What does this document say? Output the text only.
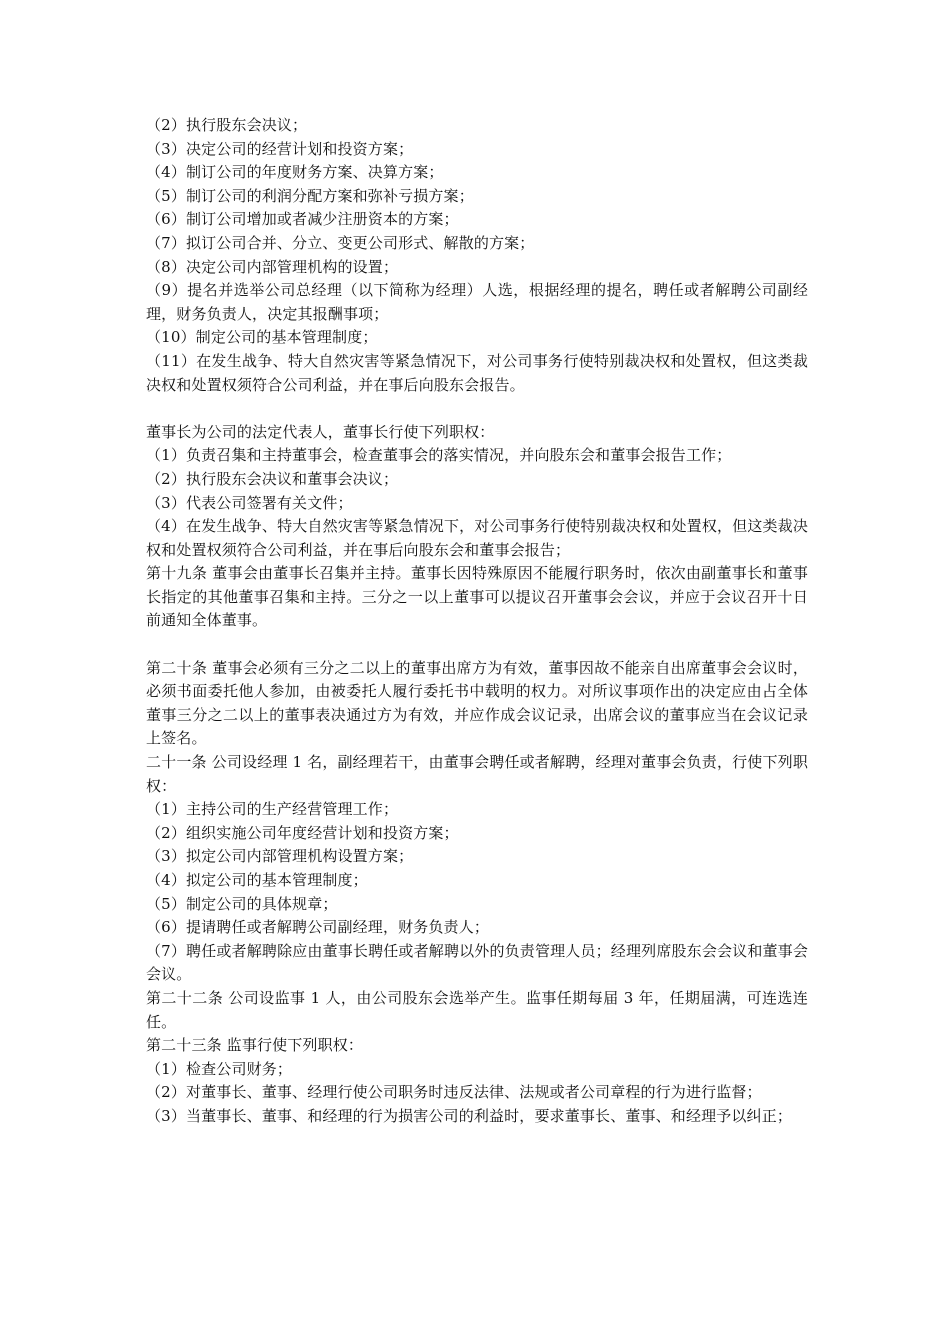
（2）执行股东会决议；

（3）决定公司的经营计划和投资方案；

（4）制订公司的年度财务方案、决算方案；

（5）制订公司的利润分配方案和弥补亏损方案；

（6）制订公司增加或者减少注册资本的方案；

（7）拟订公司合并、分立、变更公司形式、解散的方案；

（8）决定公司内部管理机构的设置；

（9）提名并选举公司总经理（以下简称为经理）人选，根据经理的提名，聘任或者解聘公司副经理，财务负责人，决定其报酬事项；

（10）制定公司的基本管理制度；

（11）在发生战争、特大自然灾害等紧急情况下，对公司事务行使特别裁决权和处置权，但这类裁决权和处置权须符合公司利益，并在事后向股东会报告。

董事长为公司的法定代表人，董事长行使下列职权：

（1）负责召集和主持董事会，检查董事会的落实情况，并向股东会和董事会报告工作；

（2）执行股东会决议和董事会决议；

（3）代表公司签署有关文件；

（4）在发生战争、特大自然灾害等紧急情况下，对公司事务行使特别裁决权和处置权，但这类裁决权和处置权须符合公司利益，并在事后向股东会和董事会报告；

第十九条 董事会由董事长召集并主持。董事长因特殊原因不能履行职务时，依次由副董事长和董事长指定的其他董事召集和主持。三分之一以上董事可以提议召开董事会会议，并应于会议召开十日前通知全体董事。

第二十条 董事会必须有三分之二以上的董事出席方为有效，董事因故不能亲自出席董事会会议时，必须书面委托他人参加，由被委托人履行委托书中载明的权力。对所议事项作出的决定应由占全体董事三分之二以上的董事表决通过方为有效，并应作成会议记录，出席会议的董事应当在会议记录上签名。

二十一条 公司设经理 1 名，副经理若干，由董事会聘任或者解聘，经理对董事会负责，行使下列职权：

（1）主持公司的生产经营管理工作；

（2）组织实施公司年度经营计划和投资方案；

（3）拟定公司内部管理机构设置方案；

（4）拟定公司的基本管理制度；

（5）制定公司的具体规章；

（6）提请聘任或者解聘公司副经理，财务负责人；

（7）聘任或者解聘除应由董事长聘任或者解聘以外的负责管理人员；经理列席股东会会议和董事会会议。

第二十二条 公司设监事 1 人，由公司股东会选举产生。监事任期每届 3 年，任期届满，可连选连任。

第二十三条 监事行使下列职权：

（1）检查公司财务；

（2）对董事长、董事、经理行使公司职务时违反法律、法规或者公司章程的行为进行监督；

（3）当董事长、董事、和经理的行为损害公司的利益时，要求董事长、董事、和经理予以纠正；
